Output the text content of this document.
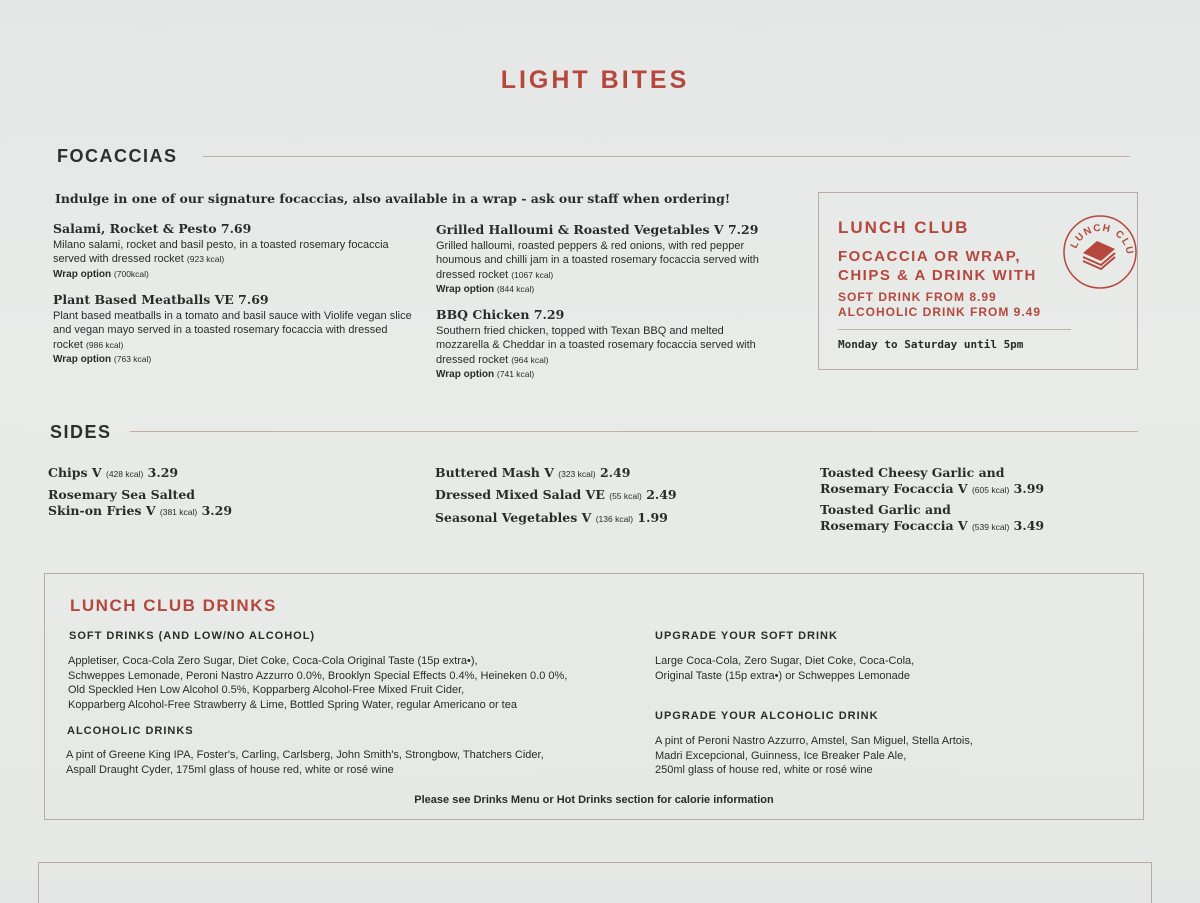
LIGHT BITES
FOCACCIAS
Indulge in one of our signature focaccias, also available in a wrap - ask our staff when ordering!
Salami, Rocket & Pesto 7.69
Milano salami, rocket and basil pesto, in a toasted rosemary focaccia served with dressed rocket (923 kcal)
Wrap option (700kcal)
Plant Based Meatballs VE 7.69
Plant based meatballs in a tomato and basil sauce with Violife vegan slice and vegan mayo served in a toasted rosemary focaccia with dressed rocket (986 kcal)
Wrap option (763 kcal)
Grilled Halloumi & Roasted Vegetables V 7.29
Grilled halloumi, roasted peppers & red onions, with red pepper houmous and chilli jam in a toasted rosemary focaccia served with dressed rocket (1067 kcal)
Wrap option (844 kcal)
BBQ Chicken 7.29
Southern fried chicken, topped with Texan BBQ and melted mozzarella & Cheddar in a toasted rosemary focaccia served with dressed rocket (964 kcal)
Wrap option (741 kcal)
LUNCH CLUB
FOCACCIA OR WRAP,
CHIPS & A DRINK WITH
SOFT DRINK FROM 8.99
ALCOHOLIC DRINK FROM 9.49
Monday to Saturday until 5pm
LUNCH CLU
SIDES
Chips V (428 kcal) 3.29
Rosemary Sea Salted
Skin-on Fries V (381 kcal) 3.29
Buttered Mash V (323 kcal) 2.49
Dressed Mixed Salad VE (55 kcal) 2.49
Seasonal Vegetables V (136 kcal) 1.99
Toasted Cheesy Garlic and
Rosemary Focaccia V (605 kcal) 3.99
Toasted Garlic and
Rosemary Focaccia V (539 kcal) 3.49
LUNCH CLUB DRINKS
SOFT DRINKS (AND LOW/NO ALCOHOL)
Appletiser, Coca-Cola Zero Sugar, Diet Coke, Coca-Cola Original Taste (15p extra•),
Schweppes Lemonade, Peroni Nastro Azzurro 0.0%, Brooklyn Special Effects 0.4%, Heineken 0.0 0%,
Old Speckled Hen Low Alcohol 0.5%, Kopparberg Alcohol-Free Mixed Fruit Cider,
Kopparberg Alcohol-Free Strawberry & Lime, Bottled Spring Water, regular Americano or tea
ALCOHOLIC DRINKS
A pint of Greene King IPA, Foster's, Carling, Carlsberg, John Smith's, Strongbow, Thatchers Cider,
Aspall Draught Cyder, 175ml glass of house red, white or rosé wine
UPGRADE YOUR SOFT DRINK
Large Coca-Cola, Zero Sugar, Diet Coke, Coca-Cola,
Original Taste (15p extra•) or Schweppes Lemonade
UPGRADE YOUR ALCOHOLIC DRINK
A pint of Peroni Nastro Azzurro, Amstel, San Miguel, Stella Artois,
Madri Excepcional, Guinness, Ice Breaker Pale Ale,
250ml glass of house red, white or rosé wine
Please see Drinks Menu or Hot Drinks section for calorie information
